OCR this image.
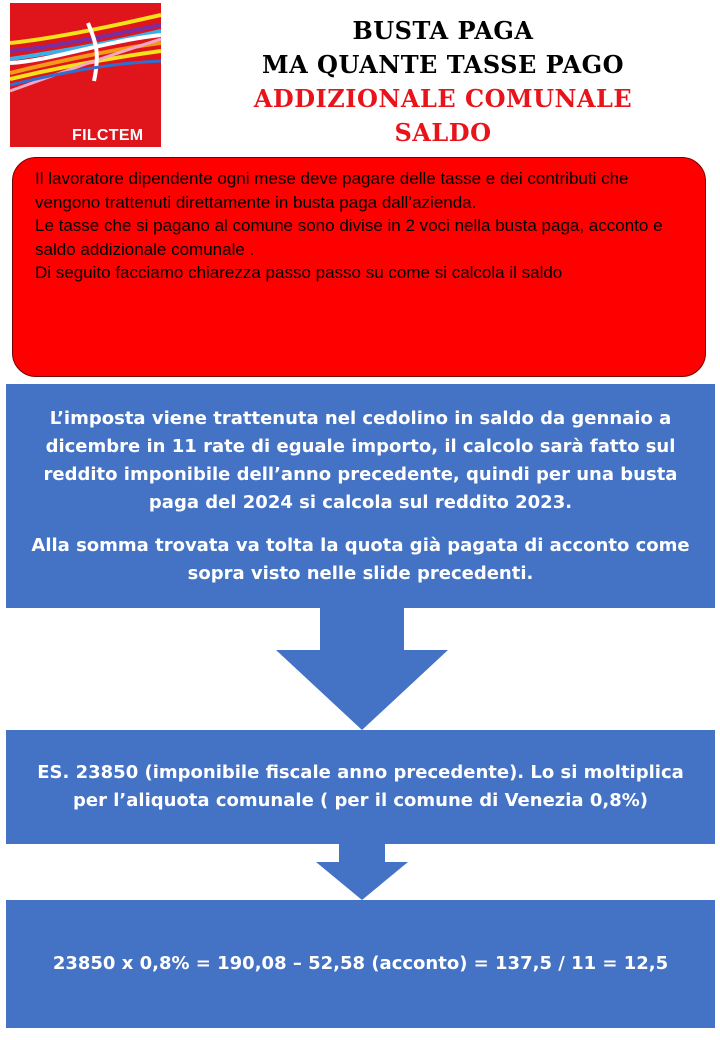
FILCTEM
BUSTA PAGA
MA QUANTE TASSE PAGO
ADDIZIONALE COMUNALE
SALDO
Il lavoratore dipendente ogni mese deve pagare delle tasse e dei contributi che vengono trattenuti direttamente in busta paga dall’azienda.
Le tasse che si pagano al comune sono divise in 2 voci nella busta paga, acconto e saldo addizionale comunale .
Di seguito facciamo chiarezza passo passo su come si calcola il saldo

L’imposta viene trattenuta nel cedolino in saldo da gennaio a dicembre in 11 rate di eguale importo, il calcolo sarà fatto sul reddito imponibile dell’anno precedente, quindi per una busta paga del 2024 si calcola sul reddito 2023.

Alla somma trovata va tolta la quota già pagata di acconto come sopra visto nelle slide precedenti.

ES. 23850 (imponibile fiscale anno precedente). Lo si moltiplica per l’aliquota comunale ( per il comune di Venezia 0,8%)
23850 x 0,8% = 190,08 – 52,58 (acconto) = 137,5 / 11 = 12,5
